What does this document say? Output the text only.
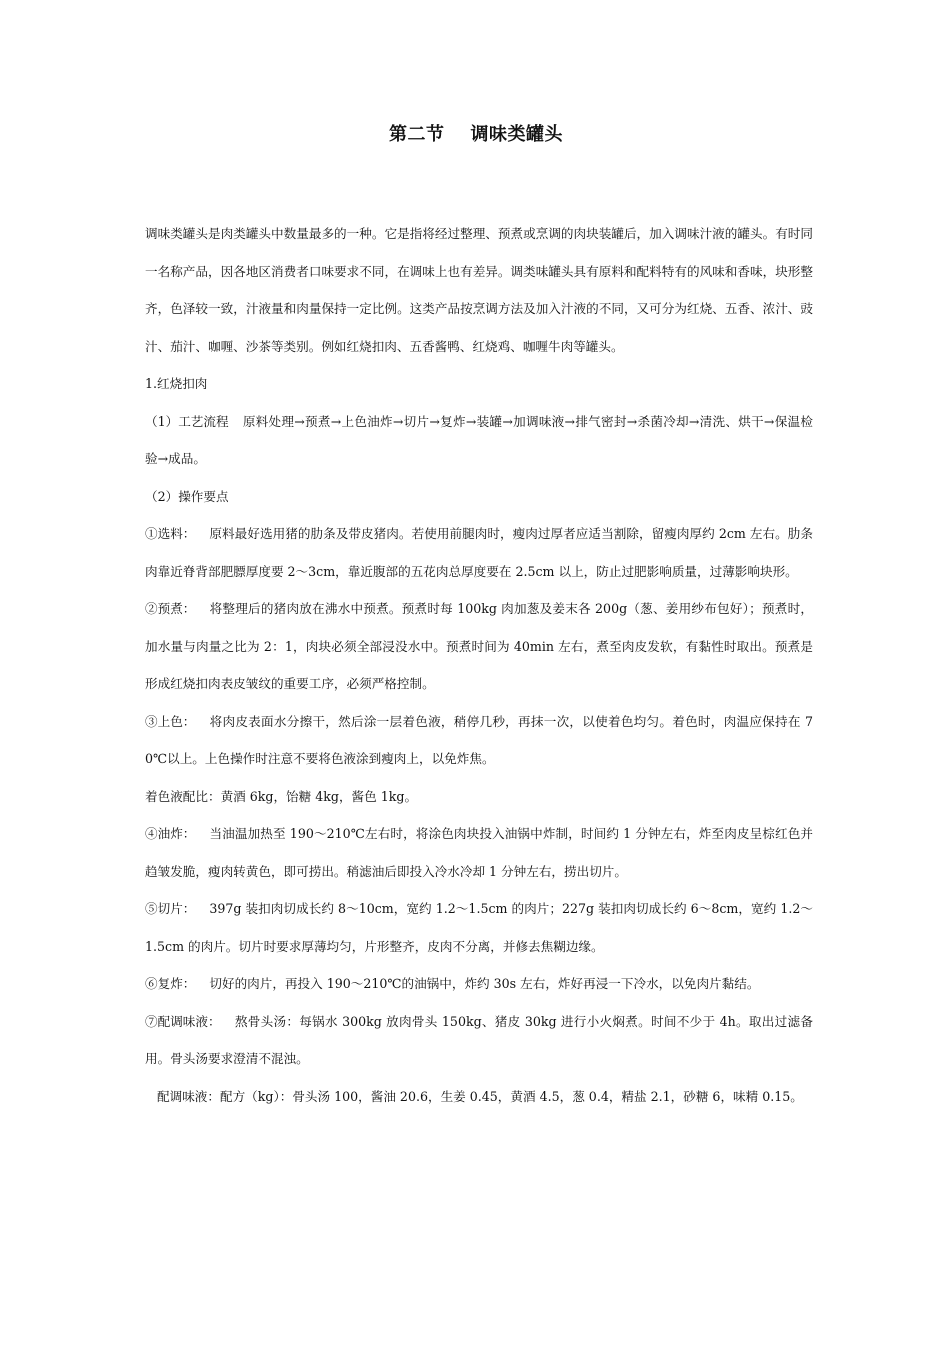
第二节 调味类罐头

调味类罐头是肉类罐头中数量最多的一种。它是指将经过整理、预煮或烹调的肉块装罐后，加入调味汁液的罐头。有时同一名称产品，因各地区消费者口味要求不同，在调味上也有差异。调类味罐头具有原料和配料特有的风味和香味，块形整齐，色泽较一致，汁液量和肉量保持一定比例。这类产品按烹调方法及加入汁液的不同，又可分为红烧、五香、浓汁、豉汁、茄汁、咖喱、沙茶等类别。例如红烧扣肉、五香酱鸭、红烧鸡、咖喱牛肉等罐头。

1.红烧扣肉

（1）工艺流程 原料处理→预煮→上色油炸→切片→复炸→装罐→加调味液→排气密封→杀菌冷却→清洗、烘干→保温检验→成品。

（2）操作要点

①选料： 原料最好选用猪的肋条及带皮猪肉。若使用前腿肉时，瘦肉过厚者应适当割除，留瘦肉厚约 2cm 左右。肋条肉靠近脊背部肥膘厚度要 2～3cm，靠近腹部的五花肉总厚度要在 2.5cm 以上，防止过肥影响质量，过薄影响块形。

②预煮： 将整理后的猪肉放在沸水中预煮。预煮时每 100kg 肉加葱及姜末各 200g（葱、姜用纱布包好）；预煮时，加水量与肉量之比为 2：1，肉块必须全部浸没水中。预煮时间为 40min 左右，煮至肉皮发软，有黏性时取出。预煮是形成红烧扣肉表皮皱纹的重要工序，必须严格控制。

③上色： 将肉皮表面水分擦干，然后涂一层着色液，稍停几秒，再抹一次，以使着色均匀。着色时，肉温应保持在 70℃以上。上色操作时注意不要将色液涂到瘦肉上，以免炸焦。

着色液配比：黄酒 6kg，饴糖 4kg，酱色 1kg。

④油炸： 当油温加热至 190～210℃左右时，将涂色肉块投入油锅中炸制，时间约 1 分钟左右，炸至肉皮呈棕红色并趋皱发脆，瘦肉转黄色，即可捞出。稍滤油后即投入冷水冷却 1 分钟左右，捞出切片。

⑤切片： 397g 装扣肉切成长约 8～10cm，宽约 1.2～1.5cm 的肉片；227g 装扣肉切成长约 6～8cm，宽约 1.2～1.5cm 的肉片。切片时要求厚薄均匀，片形整齐，皮肉不分离，并修去焦糊边缘。

⑥复炸： 切好的肉片，再投入 190～210℃的油锅中，炸约 30s 左右，炸好再浸一下冷水，以免肉片黏结。

⑦配调味液： 熬骨头汤：每锅水 300kg 放肉骨头 150kg、猪皮 30kg 进行小火焖煮。时间不少于 4h。取出过滤备用。骨头汤要求澄清不混浊。

配调味液：配方（kg）：骨头汤 100，酱油 20.6，生姜 0.45，黄酒 4.5，葱 0.4，精盐 2.1，砂糖 6，味精 0.15。
